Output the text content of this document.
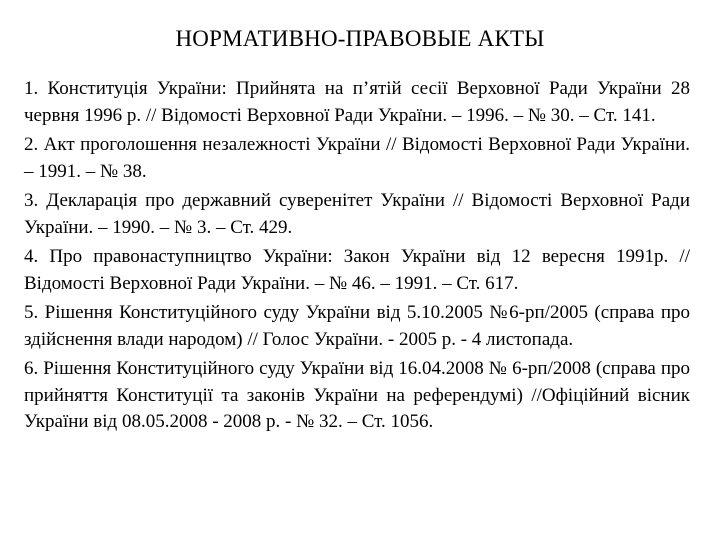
НОРМАТИВНО-ПРАВОВЫЕ АКТЫ
1. Конституція України: Прийнята на п’ятій сесії Верховної Ради України 28 червня 1996 р. // Відомості Верховної Ради України. – 1996. – № 30. – Ст. 141.
2. Акт проголошення незалежності України // Відомості Верховної Ради України. – 1991. – № 38.
3. Декларація про державний суверенітет України // Відомості Верховної Ради України. – 1990. – № 3. – Ст. 429.
4. Про правонаступництво України: Закон України від 12 вересня 1991р. //Відомості Верховної Ради України. – № 46. – 1991. – Ст. 617.
5. Рішення Конституційного суду України від 5.10.2005 №6-рп/2005 (справа про здійснення влади народом) // Голос України. - 2005 р. - 4 листопада.
6. Рішення Конституційного суду України від 16.04.2008 № 6-рп/2008 (справа про прийняття Конституції та законів України на референдумі) //Офіційний вісник України від 08.05.2008 - 2008 р. - № 32. – Ст. 1056.
